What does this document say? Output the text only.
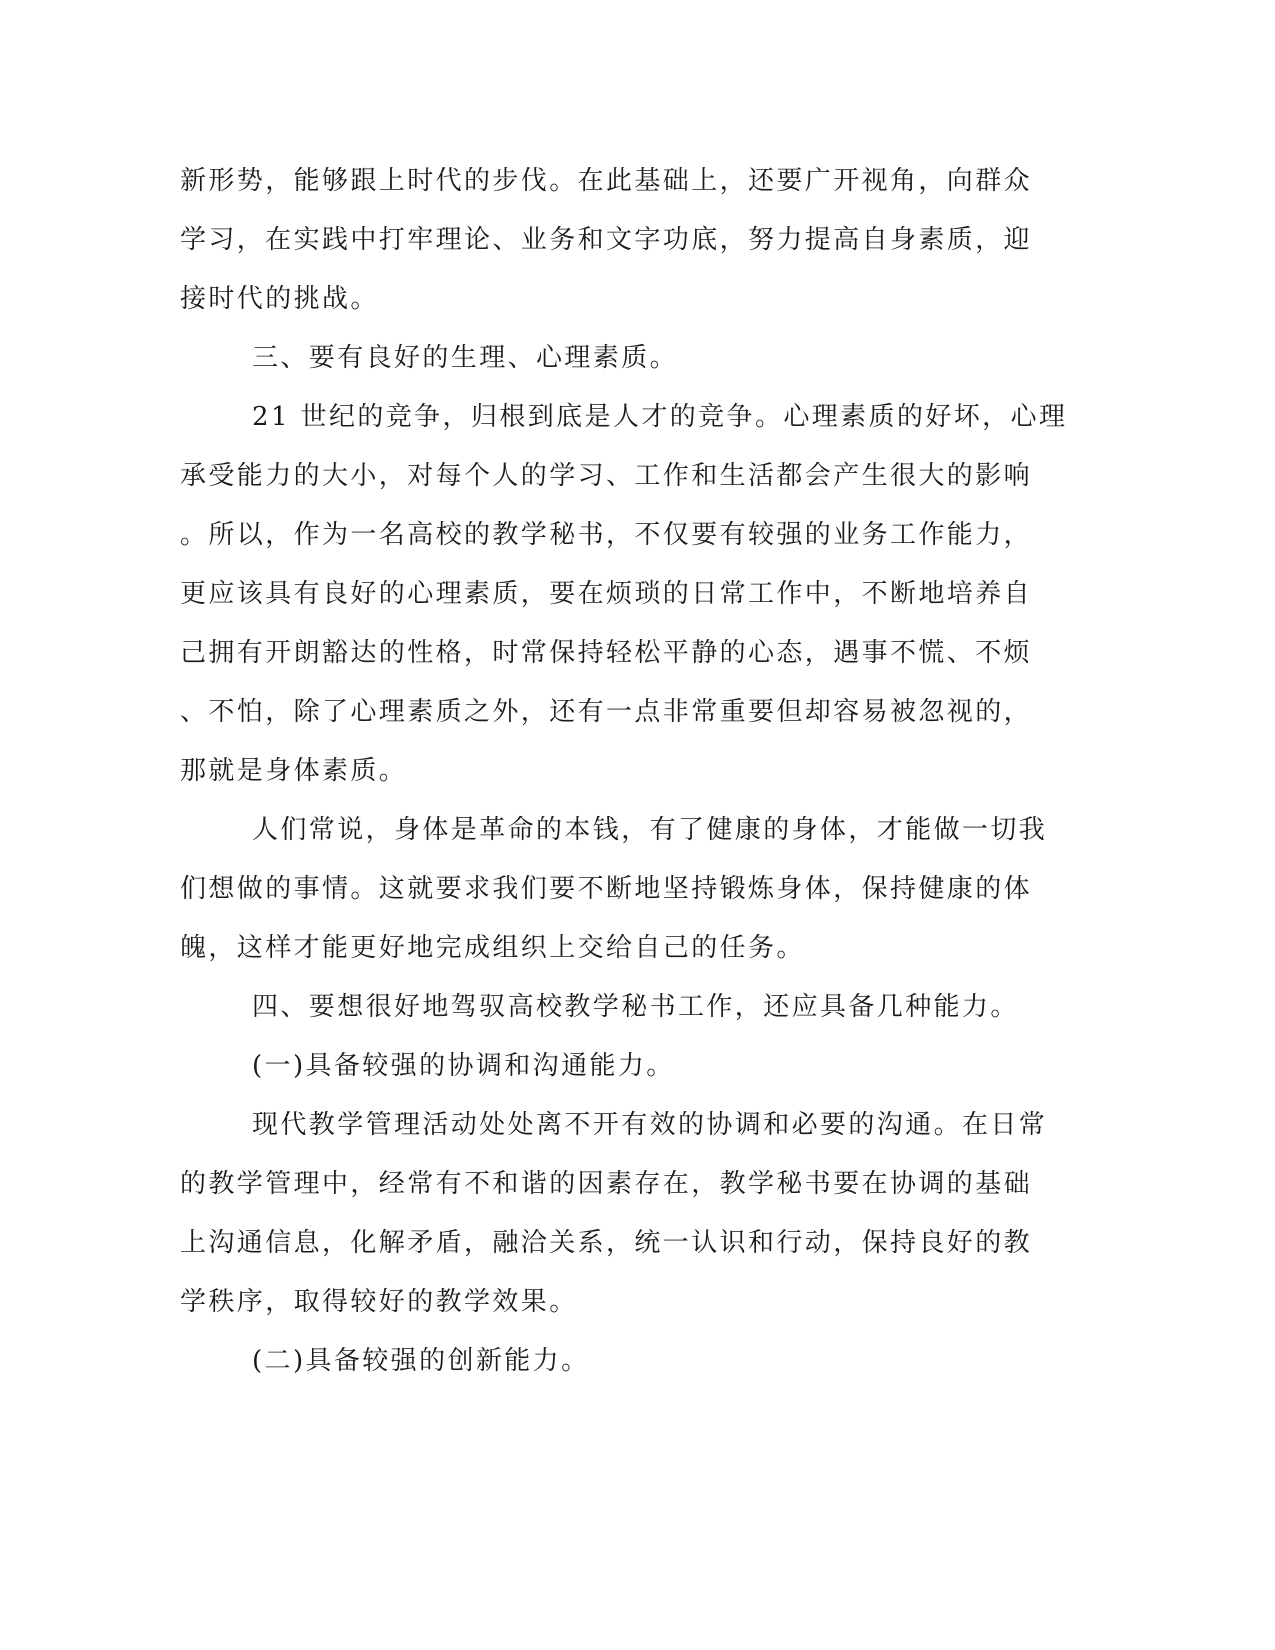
新形势，能够跟上时代的步伐。在此基础上，还要广开视角，向群众
学习，在实践中打牢理论、业务和文字功底，努力提高自身素质，迎
接时代的挑战。
三、要有良好的生理、心理素质。
21 世纪的竞争，归根到底是人才的竞争。心理素质的好坏，心理
承受能力的大小，对每个人的学习、工作和生活都会产生很大的影响
。所以，作为一名高校的教学秘书，不仅要有较强的业务工作能力，
更应该具有良好的心理素质，要在烦琐的日常工作中，不断地培养自
己拥有开朗豁达的性格，时常保持轻松平静的心态，遇事不慌、不烦
、不怕，除了心理素质之外，还有一点非常重要但却容易被忽视的，
那就是身体素质。
人们常说，身体是革命的本钱，有了健康的身体，才能做一切我
们想做的事情。这就要求我们要不断地坚持锻炼身体，保持健康的体
魄，这样才能更好地完成组织上交给自己的任务。
四、要想很好地驾驭高校教学秘书工作，还应具备几种能力。
(一)具备较强的协调和沟通能力。
现代教学管理活动处处离不开有效的协调和必要的沟通。在日常
的教学管理中，经常有不和谐的因素存在，教学秘书要在协调的基础
上沟通信息，化解矛盾，融洽关系，统一认识和行动，保持良好的教
学秩序，取得较好的教学效果。
(二)具备较强的创新能力。
